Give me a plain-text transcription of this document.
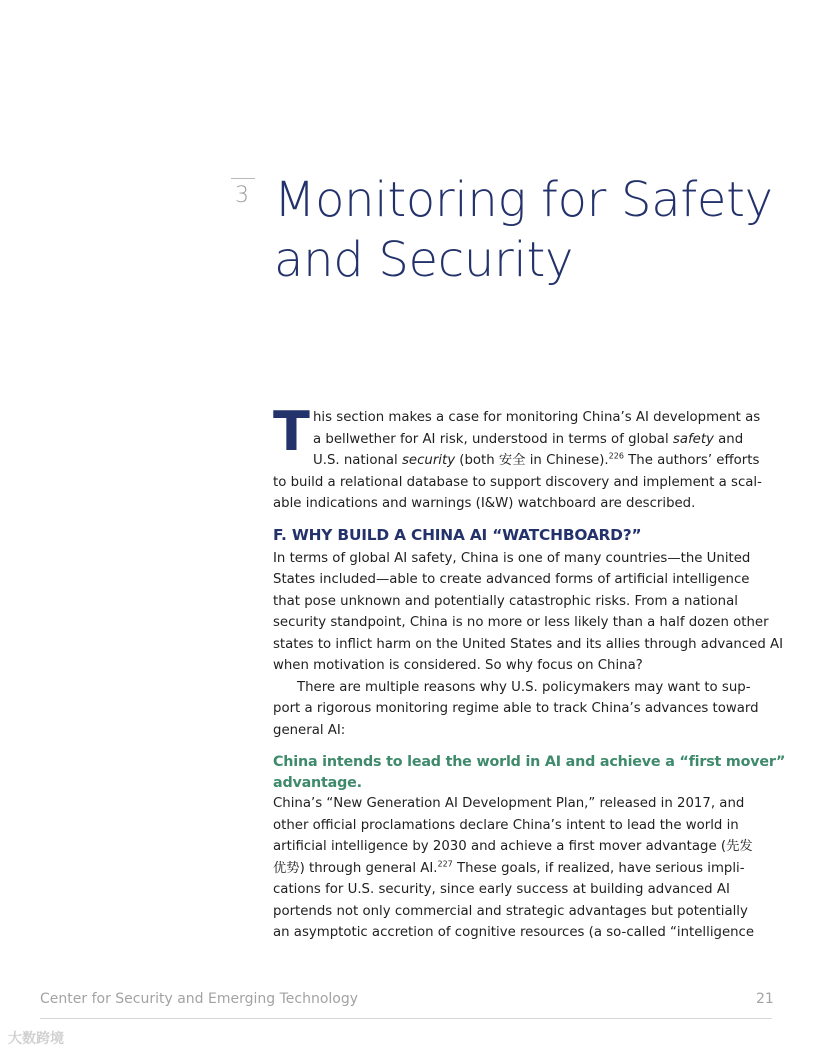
3 Monitoring for Safety
and Security

T his section makes a case for monitoring China’s AI development as
a bellwether for AI risk, understood in terms of global safety and
U.S. national security (both 安全 in Chinese).$^{226}$ The authors’ efforts
to build a relational database to support discovery and implement a scal-
able indications and warnings (I&W) watchboard are described.

F. WHY BUILD A CHINA AI “WATCHBOARD?”

In terms of global AI safety, China is one of many countries—the United
States included—able to create advanced forms of artificial intelligence
that pose unknown and potentially catastrophic risks. From a national
security standpoint, China is no more or less likely than a half dozen other
states to inflict harm on the United States and its allies through advanced AI
when motivation is considered. So why focus on China?

There are multiple reasons why U.S. policymakers may want to sup-
port a rigorous monitoring regime able to track China’s advances toward
general AI:

China intends to lead the world in AI and achieve a “first mover”
advantage.

China’s “New Generation AI Development Plan,” released in 2017, and
other official proclamations declare China’s intent to lead the world in
artificial intelligence by 2030 and achieve a first mover advantage (先发
优势) through general AI.$^{227}$ These goals, if realized, have serious impli-
cations for U.S. security, since early success at building advanced AI
portends not only commercial and strategic advantages but potentially
an asymptotic accretion of cognitive resources (a so-called “intelligence

Center for Security and Emerging Technology	21
大数跨境
